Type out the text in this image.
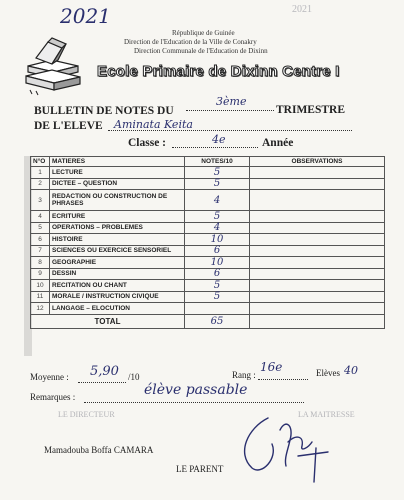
2021	2021
République de Guinée
Direction de l'Education de la Ville de Conakry
Direction Communale de l'Education de Dixinn
Ecole Primaire de Dixinn Centre I
BULLETIN DE NOTES DU
3ème
TRIMESTRE
DE L'ELEVE Aminata Keita
Classe :	4e	Année
N°O	MATIERES	NOTES/10	OBSERVATIONS
1	LECTURE	5	
2	DICTEE – QUESTION	5	
3	REDACTION OU CONSTRUCTION DE PHRASES	4	
4	ECRITURE	5	
5	OPERATIONS – PROBLEMES	4	
6	HISTOIRE	10	
7	SCIENCES OU EXERCICE SENSORIEL	6	
8	GEOGRAPHIE	10	
9	DESSIN	6	
10	RECITATION OU CHANT	5	
11	MORALE / INSTRUCTION CIVIQUE	5	
12	LANGAGE – ELOCUTION		
TOTAL		65	
Moyenne : 5,90 /10	Rang :
16e	Elèves 40
Remarques :	élève passable
LE DIRECTEUR	LA MAITRESSE
Mamadouba Boffa CAMARA
LE PARENT
